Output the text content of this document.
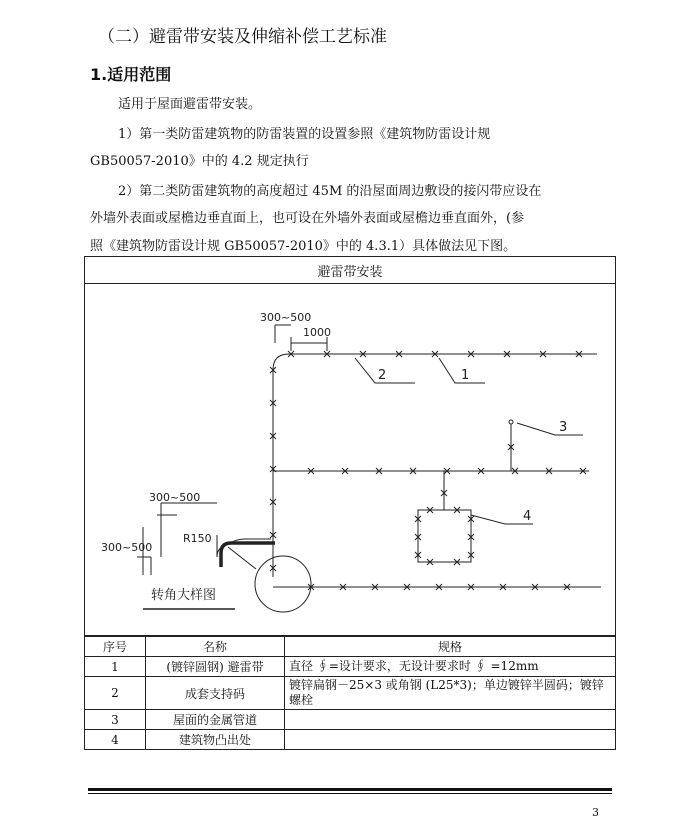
（二）避雷带安装及伸缩补偿工艺标准
1.适用范围
适用于屋面避雷带安装。
1）第一类防雷建筑物的防雷装置的设置参照《建筑物防雷设计规
GB50057-2010》中的 4.2 规定执行
2）第二类防雷建筑物的高度超过 45M 的沿屋面周边敷设的接闪带应设在
外墙外表面或屋檐边垂直面上，也可设在外墙外表面或屋檐边垂直面外，(参
照《建筑物防雷设计规 GB50057-2010》中的 4.3.1）具体做法见下图。
避雷带安装
300~500
1000
2	1
3
4
300~500
300~500
R150
转角大样图
序号	名称	规格
1	(镀锌圆钢) 避雷带	直径 ∮=设计要求，无设计要求时 ∮ =12mm
2	成套支持码	镀锌扁钢－25×3 或角钢 (L25*3)；单边镀锌半圆码；镀锌螺栓
3	屋面的金属管道	
4	建筑物凸出处	
3
